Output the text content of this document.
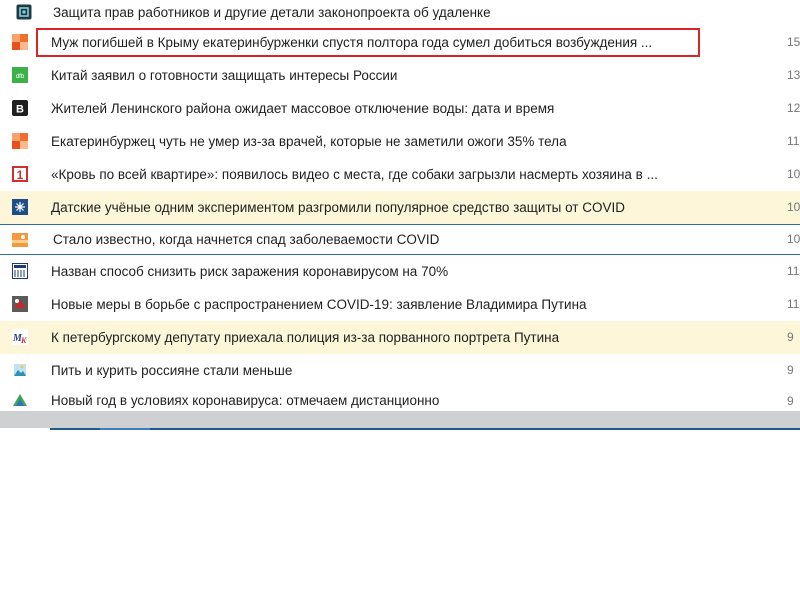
Защита прав работников и другие детали законопроекта об удаленке
Муж погибшей в Крыму екатеринбурженки спустя полтора года сумел добиться возбуждения ...	15
dfb Китай заявил о готовности защищать интересы России	13
B Жителей Ленинского района ожидает массовое отключение воды: дата и время	12
Екатеринбуржец чуть не умер из-за врачей, которые не заметили ожоги 35% тела	11
1 «Кровь по всей квартире»: появилось видео с места, где собаки загрызли насмерть хозяина в ...	10
Датские учёные одним экспериментом разгромили популярное средство защиты от COVID	10
Стало известно, когда начнется спад заболеваемости COVID	10
Назван способ снизить риск заражения коронавирусом на 70%	11
Новые меры в борьбе с распространением COVID-19: заявление Владимира Путина	11
M K К петербургскому депутату приехала полиция из-за порванного портрета Путина	9
Пить и курить россияне стали меньше	9
Новый год в условиях коронавируса: отмечаем дистанционно	9
